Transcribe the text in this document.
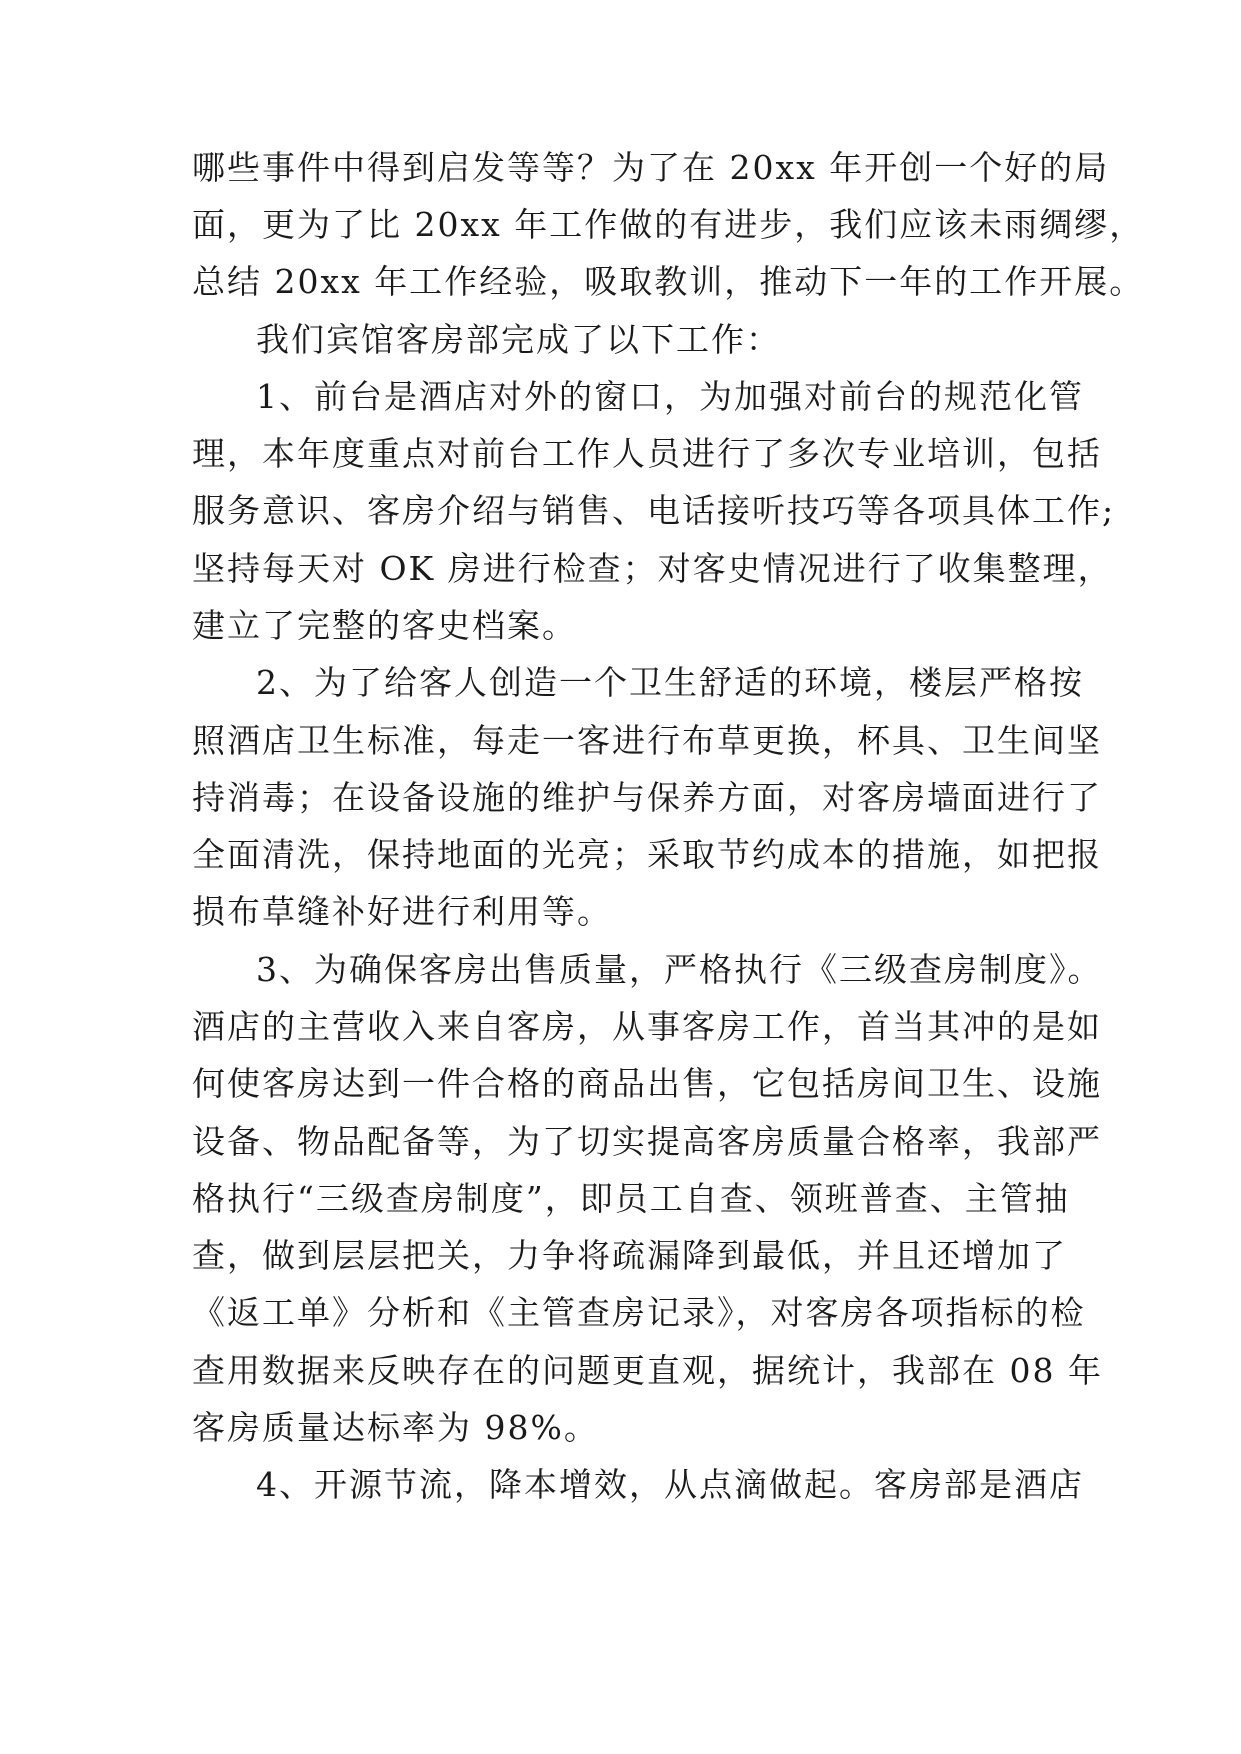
哪些事件中得到启发等等？为了在 20xx 年开创一个好的局
面，更为了比 20xx 年工作做的有进步，我们应该未雨绸缪，
总结 20xx 年工作经验，吸取教训，推动下一年的工作开展。
我们宾馆客房部完成了以下工作：
1、前台是酒店对外的窗口，为加强对前台的规范化管
理，本年度重点对前台工作人员进行了多次专业培训，包括
服务意识、客房介绍与销售、电话接听技巧等各项具体工作;
坚持每天对 OK 房进行检查；对客史情况进行了收集整理，
建立了完整的客史档案。
2、为了给客人创造一个卫生舒适的环境，楼层严格按
照酒店卫生标准，每走一客进行布草更换，杯具、卫生间坚
持消毒；在设备设施的维护与保养方面，对客房墙面进行了
全面清洗，保持地面的光亮；采取节约成本的措施，如把报
损布草缝补好进行利用等。
3、为确保客房出售质量，严格执行《三级查房制度》。
酒店的主营收入来自客房，从事客房工作，首当其冲的是如
何使客房达到一件合格的商品出售，它包括房间卫生、设施
设备、物品配备等，为了切实提高客房质量合格率，我部严
格执行“三级查房制度”，即员工自查、领班普查、主管抽
查，做到层层把关，力争将疏漏降到最低，并且还增加了
《返工单》分析和《主管查房记录》，对客房各项指标的检
查用数据来反映存在的问题更直观，据统计，我部在 08 年
客房质量达标率为 98%。
4、开源节流，降本增效，从点滴做起。客房部是酒店
